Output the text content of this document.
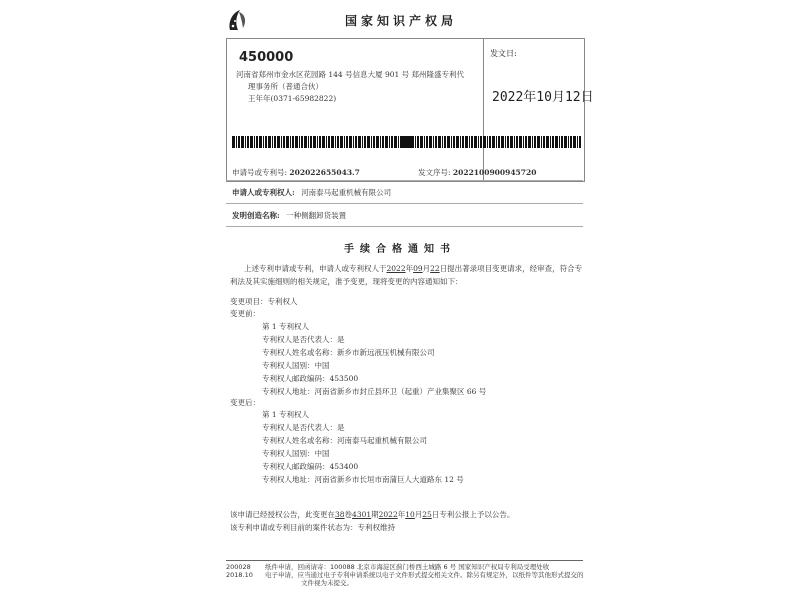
国家知识产权局
450000
河南省郑州市金水区花园路 144 号信息大厦 901 号 郑州隆盛专利代
理事务所（普通合伙）
王年年(0371-65982822)
发文日:
2022年10月12日
申请号或专利号: 202022655043.7	发文序号: 2022100900945720
申请人或专利权人: 河南泰马起重机械有限公司
发明创造名称: 一种侧翻卸货装置
手续合格通知书
上述专利申请或专利，申请人或专利权人于2022年09月22日提出著录项目变更请求，经审查，符合专
利法及其实施细则的相关规定，准予变更，现将变更的内容通知如下：
变更项目：专利权人
变更前：
第 1 专利权人
专利权人是否代表人：是
专利权人姓名或名称：新乡市新远液压机械有限公司
专利权人国别：中国
专利权人邮政编码：453500
专利权人地址：河南省新乡市封丘县环卫（起重）产业集聚区 66 号
变更后：
第 1 专利权人
专利权人是否代表人：是
专利权人姓名或名称：河南泰马起重机械有限公司
专利权人国别：中国
专利权人邮政编码：453400
专利权人地址：河南省新乡市长垣市南蒲巨人大道路东 12 号
该申请已经授权公告，此变更在38卷4301期2022年10月25日专利公报上予以公告。
该专利申请或专利目前的案件状态为：专利权维持
200028
2018.10
纸件申请，回函请寄：100088 北京市海淀区蓟门桥西土城路 6 号 国家知识产权局专利局受理处收
电子申请，应当通过电子专利申请系统以电子文件形式提交相关文件。除另有规定外，以纸件等其他形式提交的
文件视为未提交。
